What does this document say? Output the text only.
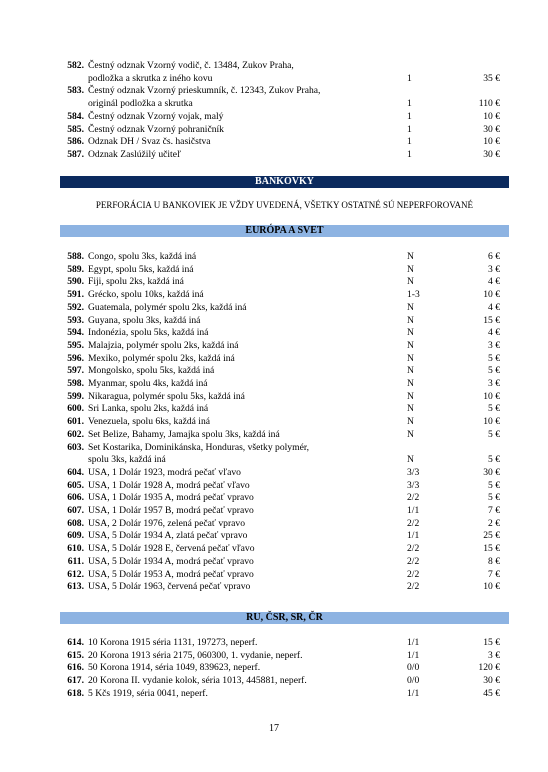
582. Čestný odznak Vzorný vodič, č. 13484, Zukov Praha,
podložka a skrutka z iného kovu	1	35 €
583. Čestný odznak Vzorný prieskumník, č. 12343, Zukov Praha,
originál podložka a skrutka	1	110 €
584. Čestný odznak Vzorný vojak, malý	1	10 €
585. Čestný odznak Vzorný pohraničník	1	30 €
586. Odznak DH / Svaz čs. hasičstva	1	10 €
587. Odznak Zaslúžilý učiteľ	1	30 €
BANKOVKY
PERFORÁCIA U BANKOVIEK JE VŽDY UVEDENÁ, VŠETKY OSTATNÉ SÚ NEPERFOROVANÉ
EURÓPA A SVET
588. Congo, spolu 3ks, každá iná	N	6 €
589. Egypt, spolu 5ks, každá iná	N	3 €
590. Fiji, spolu 2ks, každá iná	N	4 €
591. Grécko, spolu 10ks, každá iná	1-3	10 €
592. Guatemala, polymér spolu 2ks, každá iná	N	4 €
593. Guyana, spolu 3ks, každá iná	N	15 €
594. Indonézia, spolu 5ks, každá iná	N	4 €
595. Malajzia, polymér spolu 2ks, každá iná	N	3 €
596. Mexiko, polymér spolu 2ks, každá iná	N	5 €
597. Mongolsko, spolu 5ks, každá iná	N	5 €
598. Myanmar, spolu 4ks, každá iná	N	3 €
599. Nikaragua, polymér spolu 5ks, každá iná	N	10 €
600. Sri Lanka, spolu 2ks, každá iná	N	5 €
601. Venezuela, spolu 6ks, každá iná	N	10 €
602. Set Belize, Bahamy, Jamajka spolu 3ks, každá iná	N	5 €
603. Set Kostarika, Dominikánska, Honduras, všetky polymér,
spolu 3ks, každá iná	N	5 €
604. USA, 1 Dolár 1923, modrá pečať vľavo	3/3	30 €
605. USA, 1 Dolár 1928 A, modrá pečať vľavo	3/3	5 €
606. USA, 1 Dolár 1935 A, modrá pečať vpravo	2/2	5 €
607. USA, 1 Dolár 1957 B, modrá pečať vpravo	1/1	7 €
608. USA, 2 Dolár 1976, zelená pečať vpravo	2/2	2 €
609. USA, 5 Dolár 1934 A, zlatá pečať vpravo	1/1	25 €
610. USA, 5 Dolár 1928 E, červená pečať vľavo	2/2	15 €
611. USA, 5 Dolár 1934 A, modrá pečať vpravo	2/2	8 €
612. USA, 5 Dolár 1953 A, modrá pečať vpravo	2/2	7 €
613. USA, 5 Dolár 1963, červená pečať vpravo	2/2	10 €
RU, ČSR, SR, ČR
614. 10 Korona 1915 séria 1131, 197273, neperf.	1/1	15 €
615. 20 Korona 1913 séria 2175, 060300, 1. vydanie, neperf.	1/1	3 €
616. 50 Korona 1914, séria 1049, 839623, neperf.	0/0	120 €
617. 20 Korona II. vydanie kolok, séria 1013, 445881, neperf.	0/0	30 €
618. 5 Kčs 1919, séria 0041, neperf.	1/1	45 €
17
